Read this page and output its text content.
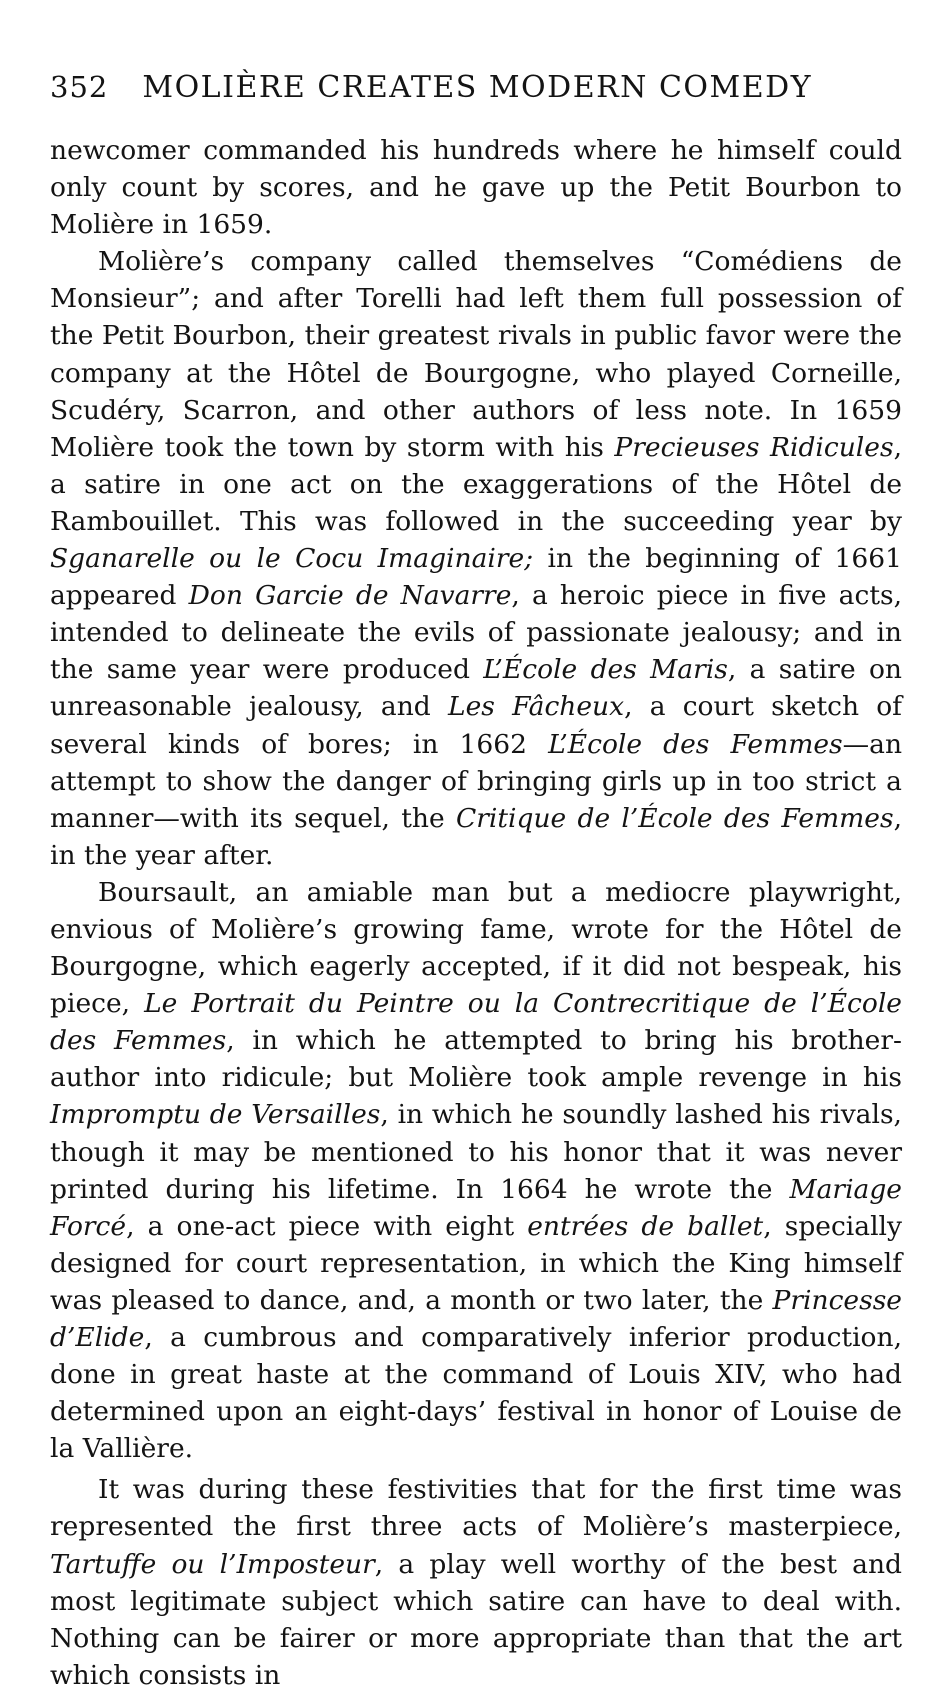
352 MOLIÈRE CREATES MODERN COMEDY

newcomer commanded his hundreds where he himself could only count by scores, and he gave up the Petit Bourbon to Molière in 1659.

Molière’s company called themselves “Comédiens de Monsieur”; and after Torelli had left them full possession of the Petit Bourbon, their greatest rivals in public favor were the company at the Hôtel de Bourgogne, who played Corneille, Scudéry, Scarron, and other authors of less note. In 1659 Molière took the town by storm with his Precieuses Ridicules, a satire in one act on the exaggerations of the Hôtel de Rambouillet. This was followed in the succeeding year by Sganarelle ou le Cocu Imaginaire; in the beginning of 1661 appeared Don Garcie de Navarre, a heroic piece in five acts, intended to delineate the evils of passionate jealousy; and in the same year were produced L’École des Maris, a satire on unreasonable jealousy, and Les Fâcheux, a court sketch of several kinds of bores; in 1662 L’École des Femmes—an attempt to show the danger of bringing girls up in too strict a manner—with its sequel, the Critique de l’École des Femmes, in the year after.

Boursault, an amiable man but a mediocre playwright, envious of Molière’s growing fame, wrote for the Hôtel de Bourgogne, which eagerly accepted, if it did not bespeak, his piece, Le Portrait du Peintre ou la Contrecritique de l’École des Femmes, in which he attempted to bring his brother-author into ridicule; but Molière took ample revenge in his Impromptu de Versailles, in which he soundly lashed his rivals, though it may be mentioned to his honor that it was never printed during his lifetime. In 1664 he wrote the Mariage Forcé, a one-act piece with eight entrées de ballet, specially designed for court representation, in which the King himself was pleased to dance, and, a month or two later, the Princesse d’Elide, a cumbrous and comparatively inferior production, done in great haste at the command of Louis XIV, who had determined upon an eight-days’ festival in honor of Louise de la Vallière.

It was during these festivities that for the first time was represented the first three acts of Molière’s masterpiece, Tartuffe ou l’Imposteur, a play well worthy of the best and most legitimate subject which satire can have to deal with. Nothing can be fairer or more appropriate than that the art which consists in
